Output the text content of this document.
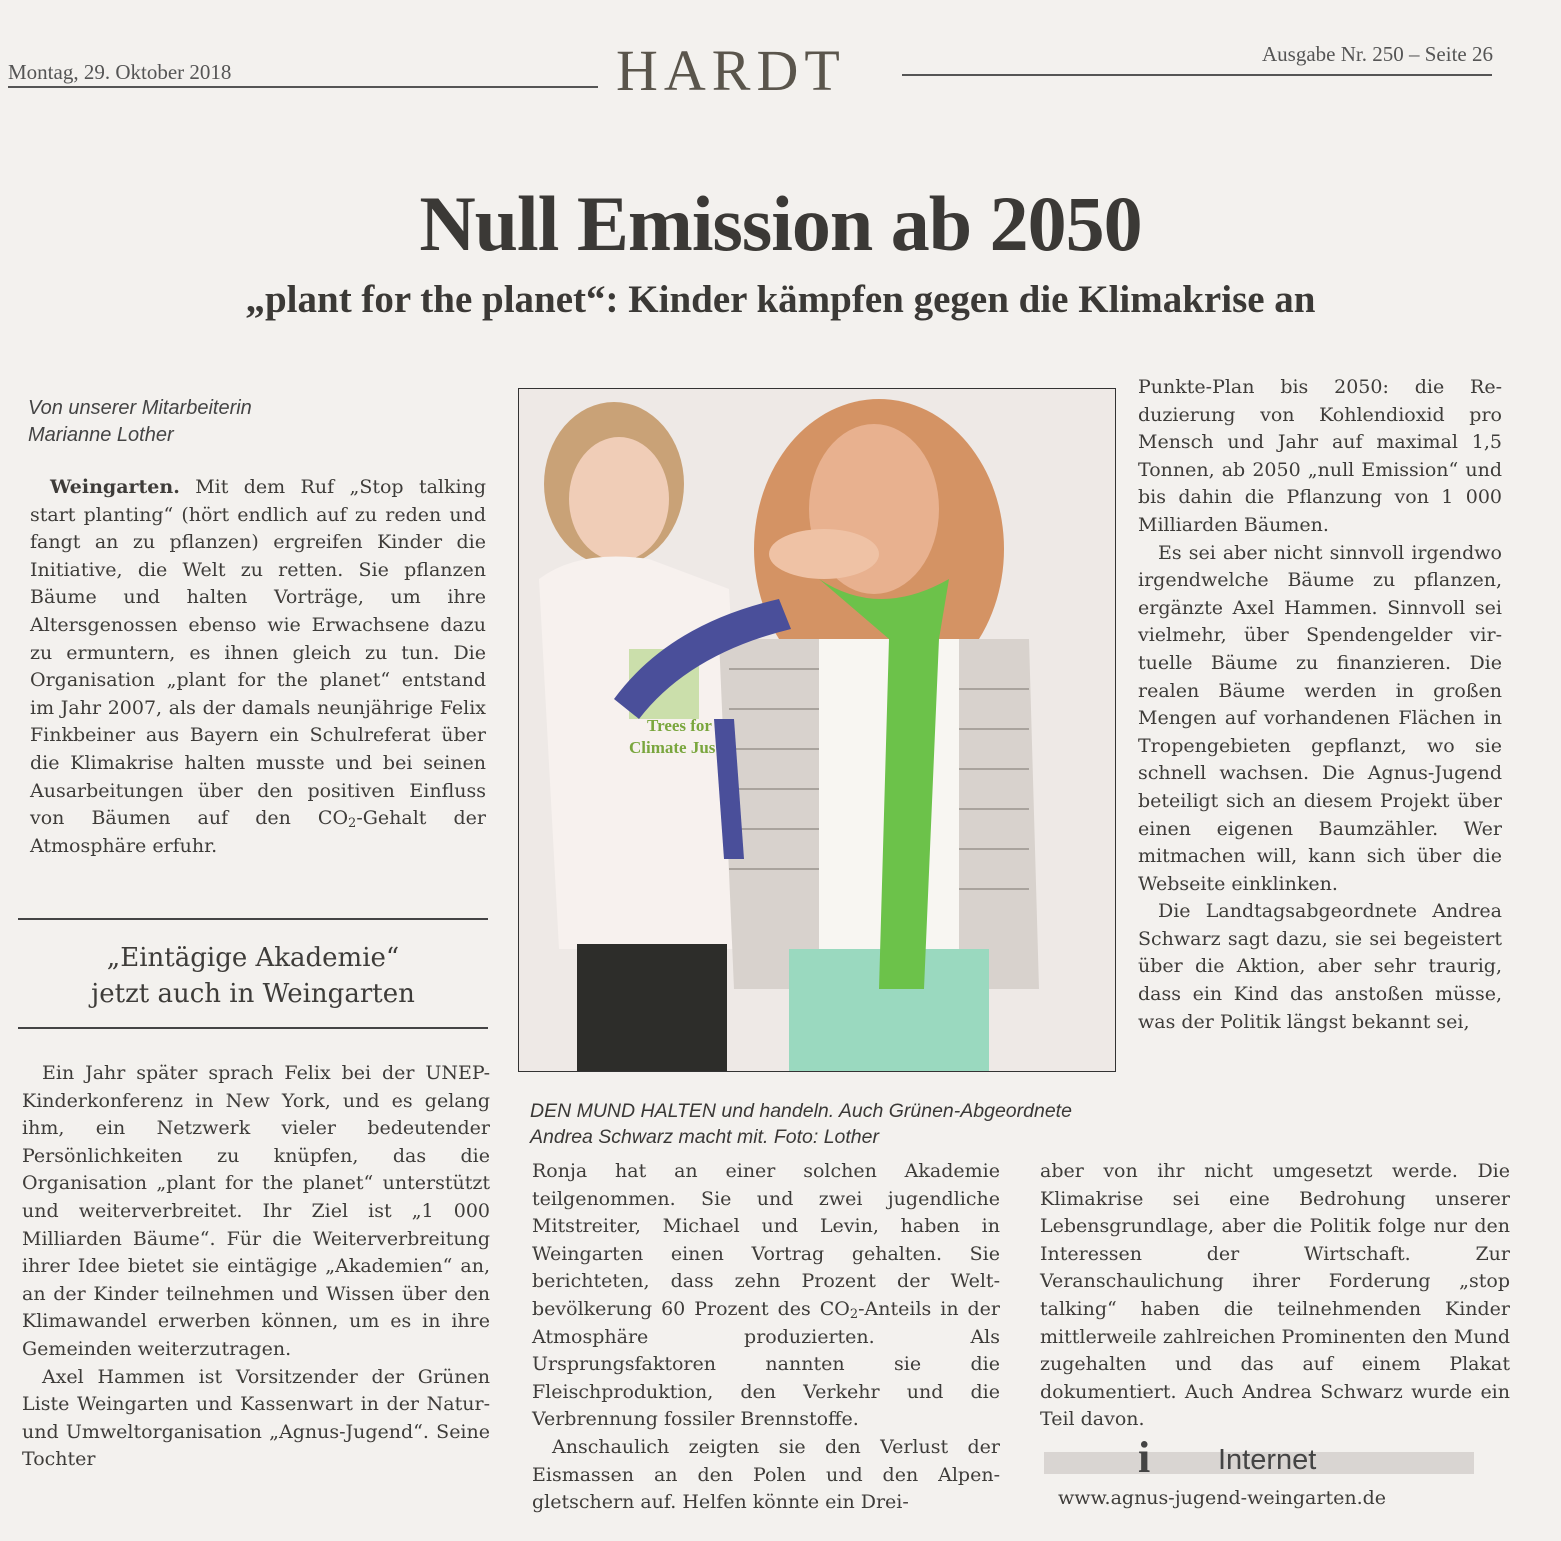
Montag, 29. Oktober 2018	HARDT	Ausgabe Nr. 250 – Seite 26
Null Emission ab 2050
„plant for the planet“: Kinder kämpfen gegen die Klimakrise an
Von unserer Mitarbeiterin
Marianne Lother

Weingarten. Mit dem Ruf „Stop talking start planting“ (hört endlich auf zu reden und fangt an zu pflanzen) ergreifen Kinder die Initiative, die Welt zu retten. Sie pflanzen Bäume und halten Vorträge, um ihre Altersgenossen ebenso wie Erwachsene dazu zu ermuntern, es ihnen gleich zu tun. Die Organisation „plant for the planet“ entstand im Jahr 2007, als der damals neunjährige Felix Finkbeiner aus Bayern ein Schulreferat über die Klimakrise halten musste und bei seinen Ausarbeitungen über den positiven Einfluss von Bäumen auf den $CO_2$-Gehalt der Atmosphäre erfuhr.

„Eintägige Akademie“
jetzt auch in Weingarten

Ein Jahr später sprach Felix bei der UNEP-Kinderkonferenz in New York, und es gelang ihm, ein Netzwerk vieler bedeutender Persönlichkeiten zu knüpfen, das die Organisation „plant for the planet“ unterstützt und weiterverbreitet. Ihr Ziel ist „1 000 Milliarden Bäume“. Für die Weiterverbreitung ihrer Idee bietet sie eintägige „Akademien“ an, an der Kinder teilnehmen und Wissen über den Klimawandel erwerben können, um es in ihre Gemeinden weiterzutragen.

Axel Hammen ist Vorsitzender der Grünen Liste Weingarten und Kassenwart in der Natur- und Umweltorganisation „Agnus-Jugend“. Seine Tochter

Trees for
Climate Jus
DEN MUND HALTEN und handeln. Auch Grünen-Abgeordnete Andrea Schwarz macht mit. Foto: Lother

Ronja hat an einer solchen Akademie teilgenommen. Sie und zwei jugendliche Mitstreiter, Michael und Levin, haben in Weingarten einen Vortrag gehalten. Sie berichteten, dass zehn Prozent der Weltbevölkerung 60 Prozent des $CO_2$-Anteils in der Atmosphäre produzierten. Als Ursprungsfaktoren nannten sie die Fleischproduktion, den Verkehr und die Verbrennung fossiler Brennstoffe.

Anschaulich zeigten sie den Verlust der Eismassen an den Polen und den Alpengletschern auf. Helfen könnte ein Drei-

Punkte-Plan bis 2050: die Reduzierung von Kohlendioxid pro Mensch und Jahr auf maximal 1,5 Tonnen, ab 2050 „null Emission“ und bis dahin die Pflanzung von 1 000 Milliarden Bäumen.

Es sei aber nicht sinnvoll irgendwo irgendwelche Bäume zu pflanzen, ergänzte Axel Hammen. Sinnvoll sei vielmehr, über Spendengelder virtuelle Bäume zu finanzieren. Die realen Bäume werden in großen Mengen auf vorhandenen Flächen in Tropengebieten gepflanzt, wo sie schnell wachsen. Die Agnus-Jugend beteiligt sich an diesem Projekt über einen eigenen Baumzähler. Wer mitmachen will, kann sich über die Webseite einklinken.

Die Landtagsabgeordnete Andrea Schwarz sagt dazu, sie sei begeistert über die Aktion, aber sehr traurig, dass ein Kind das anstoßen müsse, was der Politik längst bekannt sei,

aber von ihr nicht umgesetzt werde. Die Klimakrise sei eine Bedrohung unserer Lebensgrundlage, aber die Politik folge nur den Interessen der Wirtschaft. Zur Veranschaulichung ihrer Forderung „stop talking“ haben die teilnehmenden Kinder mittlerweile zahlreichen Prominenten den Mund zugehalten und das auf einem Plakat dokumentiert. Auch Andrea Schwarz wurde ein Teil davon.

i Internet
www.agnus-jugend-weingarten.de
